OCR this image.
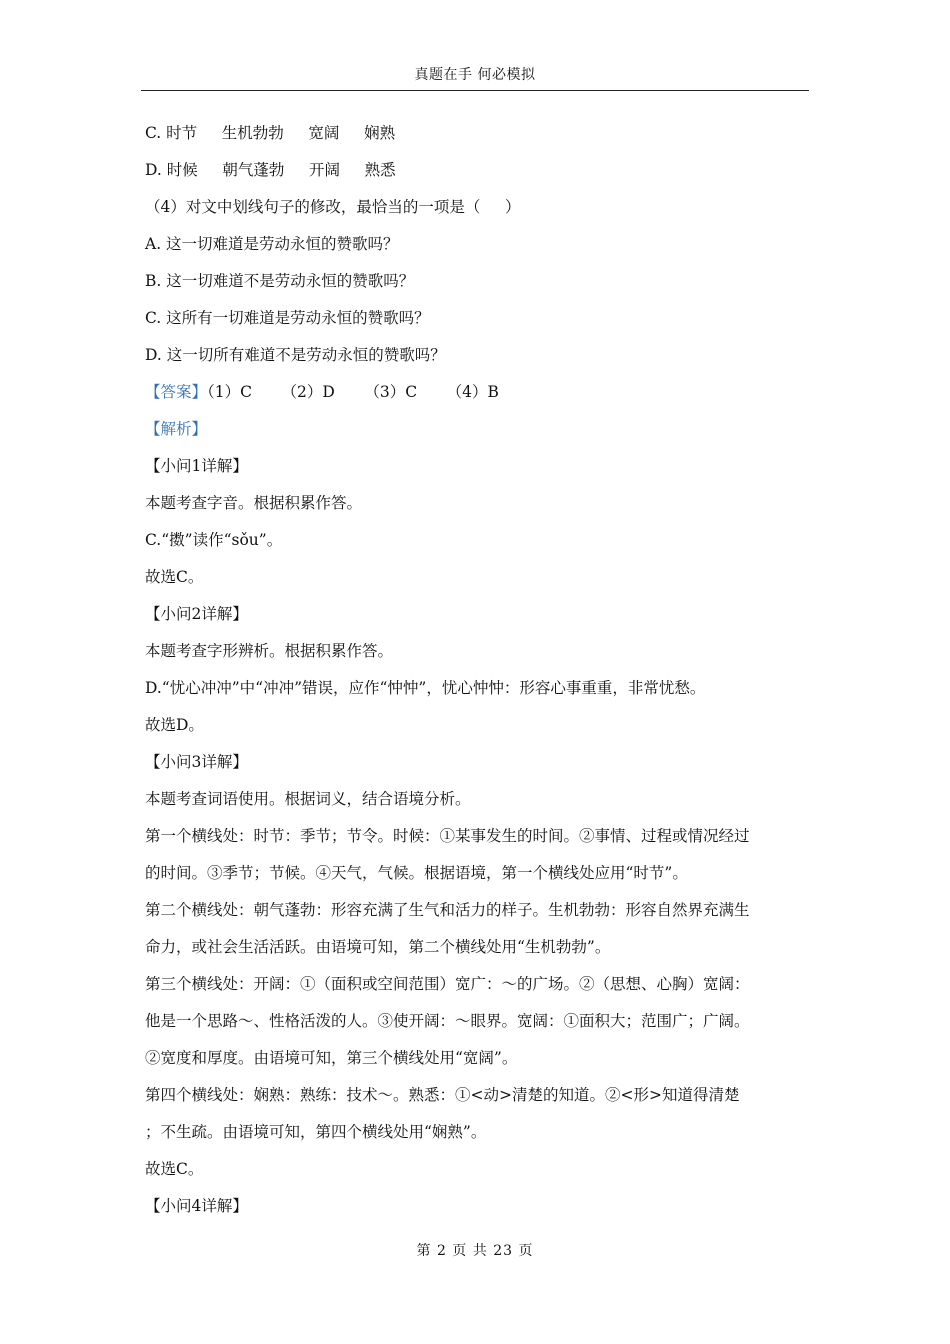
真题在手 何必模拟
C. 时节     生机勃勃     宽阔     娴熟
D. 时候     朝气蓬勃     开阔     熟悉
（4）对文中划线句子的修改，最恰当的一项是（     ）
A. 这一切难道是劳动永恒的赞歌吗？
B. 这一切难道不是劳动永恒的赞歌吗？
C. 这所有一切难道是劳动永恒的赞歌吗？
D. 这一切所有难道不是劳动永恒的赞歌吗？
【答案】（1）C      （2）D      （3）C      （4）B
【解析】
【小问1详解】
本题考查字音。根据积累作答。
C.“擞”读作“sǒu”。
故选C。
【小问2详解】
本题考查字形辨析。根据积累作答。
D.“忧心冲冲”中“冲冲”错误，应作“忡忡”，忧心忡忡：形容心事重重，非常忧愁。
故选D。
【小问3详解】
本题考查词语使用。根据词义，结合语境分析。
第一个横线处：时节：季节；节令。时候：①某事发生的时间。②事情、过程或情况经过
的时间。③季节；节候。④天气，气候。根据语境，第一个横线处应用“时节”。
第二个横线处：朝气蓬勃：形容充满了生气和活力的样子。生机勃勃：形容自然界充满生
命力，或社会生活活跃。由语境可知，第二个横线处用“生机勃勃”。
第三个横线处：开阔：①（面积或空间范围）宽广：～的广场。②（思想、心胸）宽阔：
他是一个思路～、性格活泼的人。③使开阔：～眼界。宽阔：①面积大；范围广；广阔。
②宽度和厚度。由语境可知，第三个横线处用“宽阔”。
第四个横线处：娴熟：熟练：技术～。熟悉：①<动>清楚的知道。②<形>知道得清楚
；不生疏。由语境可知，第四个横线处用“娴熟”。
故选C。
【小问4详解】
第 2 页 共 23 页
